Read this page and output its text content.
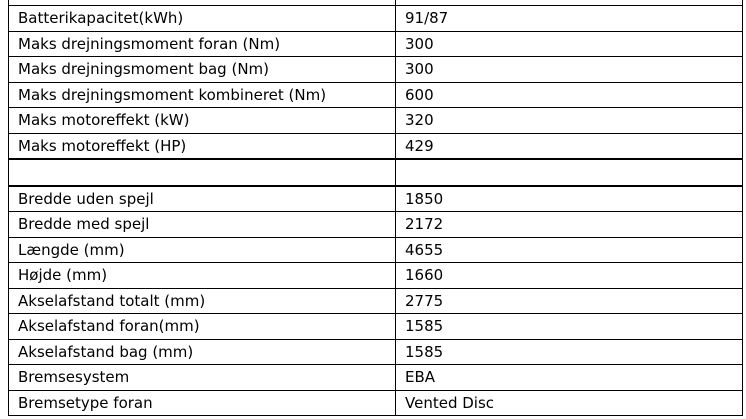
Batterikapacitet(kWh)	91/87
Maks drejningsmoment foran (Nm)	300
Maks drejningsmoment bag (Nm)	300
Maks drejningsmoment kombineret (Nm)	600
Maks motoreffekt (kW)	320
Maks motoreffekt (HP)	429

Bredde uden spejl	1850
Bredde med spejl	2172
Længde (mm)	4655
Højde (mm)	1660
Akselafstand totalt (mm)	2775
Akselafstand foran(mm)	1585
Akselafstand bag (mm)	1585
Bremsesystem	EBA
Bremsetype foran	Vented Disc
